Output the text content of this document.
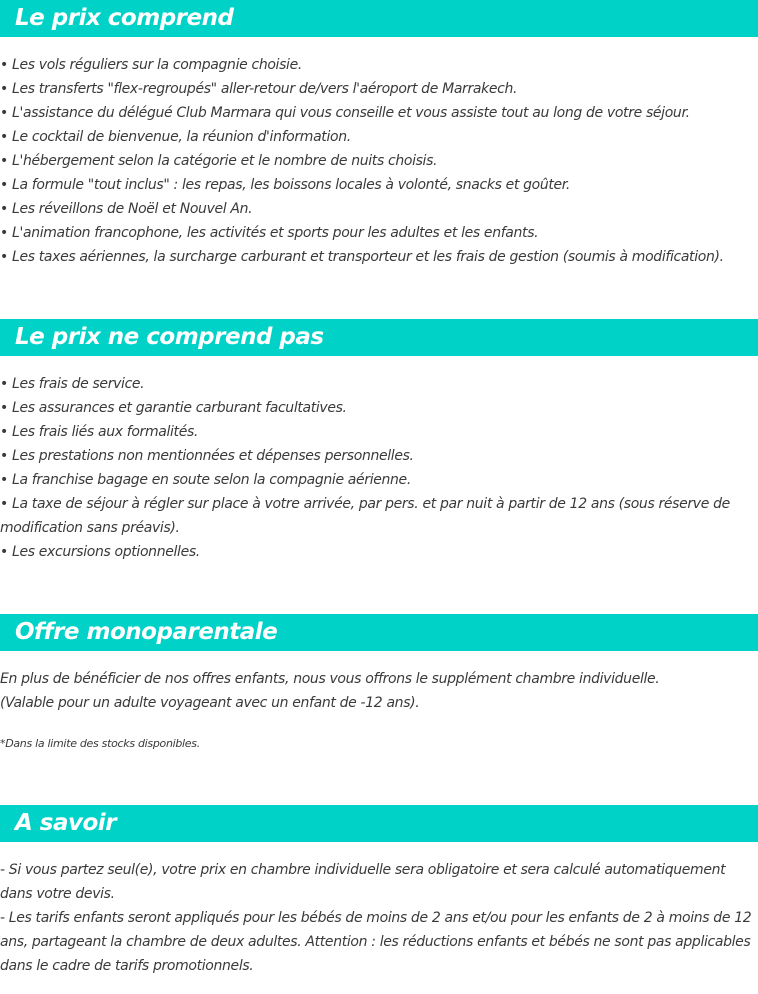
Le prix comprend
• Les vols réguliers sur la compagnie choisie.
• Les transferts "flex-regroupés" aller-retour de/vers l'aéroport de Marrakech.
• L'assistance du délégué Club Marmara qui vous conseille et vous assiste tout au long de votre séjour.
• Le cocktail de bienvenue, la réunion d'information.
• L'hébergement selon la catégorie et le nombre de nuits choisis.
• La formule "tout inclus" : les repas, les boissons locales à volonté, snacks et goûter.
• Les réveillons de Noël et Nouvel An.
• L'animation francophone, les activités et sports pour les adultes et les enfants.
• Les taxes aériennes, la surcharge carburant et transporteur et les frais de gestion (soumis à modification).
Le prix ne comprend pas
• Les frais de service.
• Les assurances et garantie carburant facultatives.
• Les frais liés aux formalités.
• Les prestations non mentionnées et dépenses personnelles.
• La franchise bagage en soute selon la compagnie aérienne.
• La taxe de séjour à régler sur place à votre arrivée, par pers. et par nuit à partir de 12 ans (sous réserve de modification sans préavis).
• Les excursions optionnelles.
Offre monoparentale
En plus de bénéficier de nos offres enfants, nous vous offrons le supplément chambre individuelle.
(Valable pour un adulte voyageant avec un enfant de -12 ans).
*Dans la limite des stocks disponibles.
A savoir
- Si vous partez seul(e), votre prix en chambre individuelle sera obligatoire et sera calculé automatiquement dans votre devis.
- Les tarifs enfants seront appliqués pour les bébés de moins de 2 ans et/ou pour les enfants de 2 à moins de 12 ans, partageant la chambre de deux adultes. Attention : les réductions enfants et bébés ne sont pas applicables dans le cadre de tarifs promotionnels.
